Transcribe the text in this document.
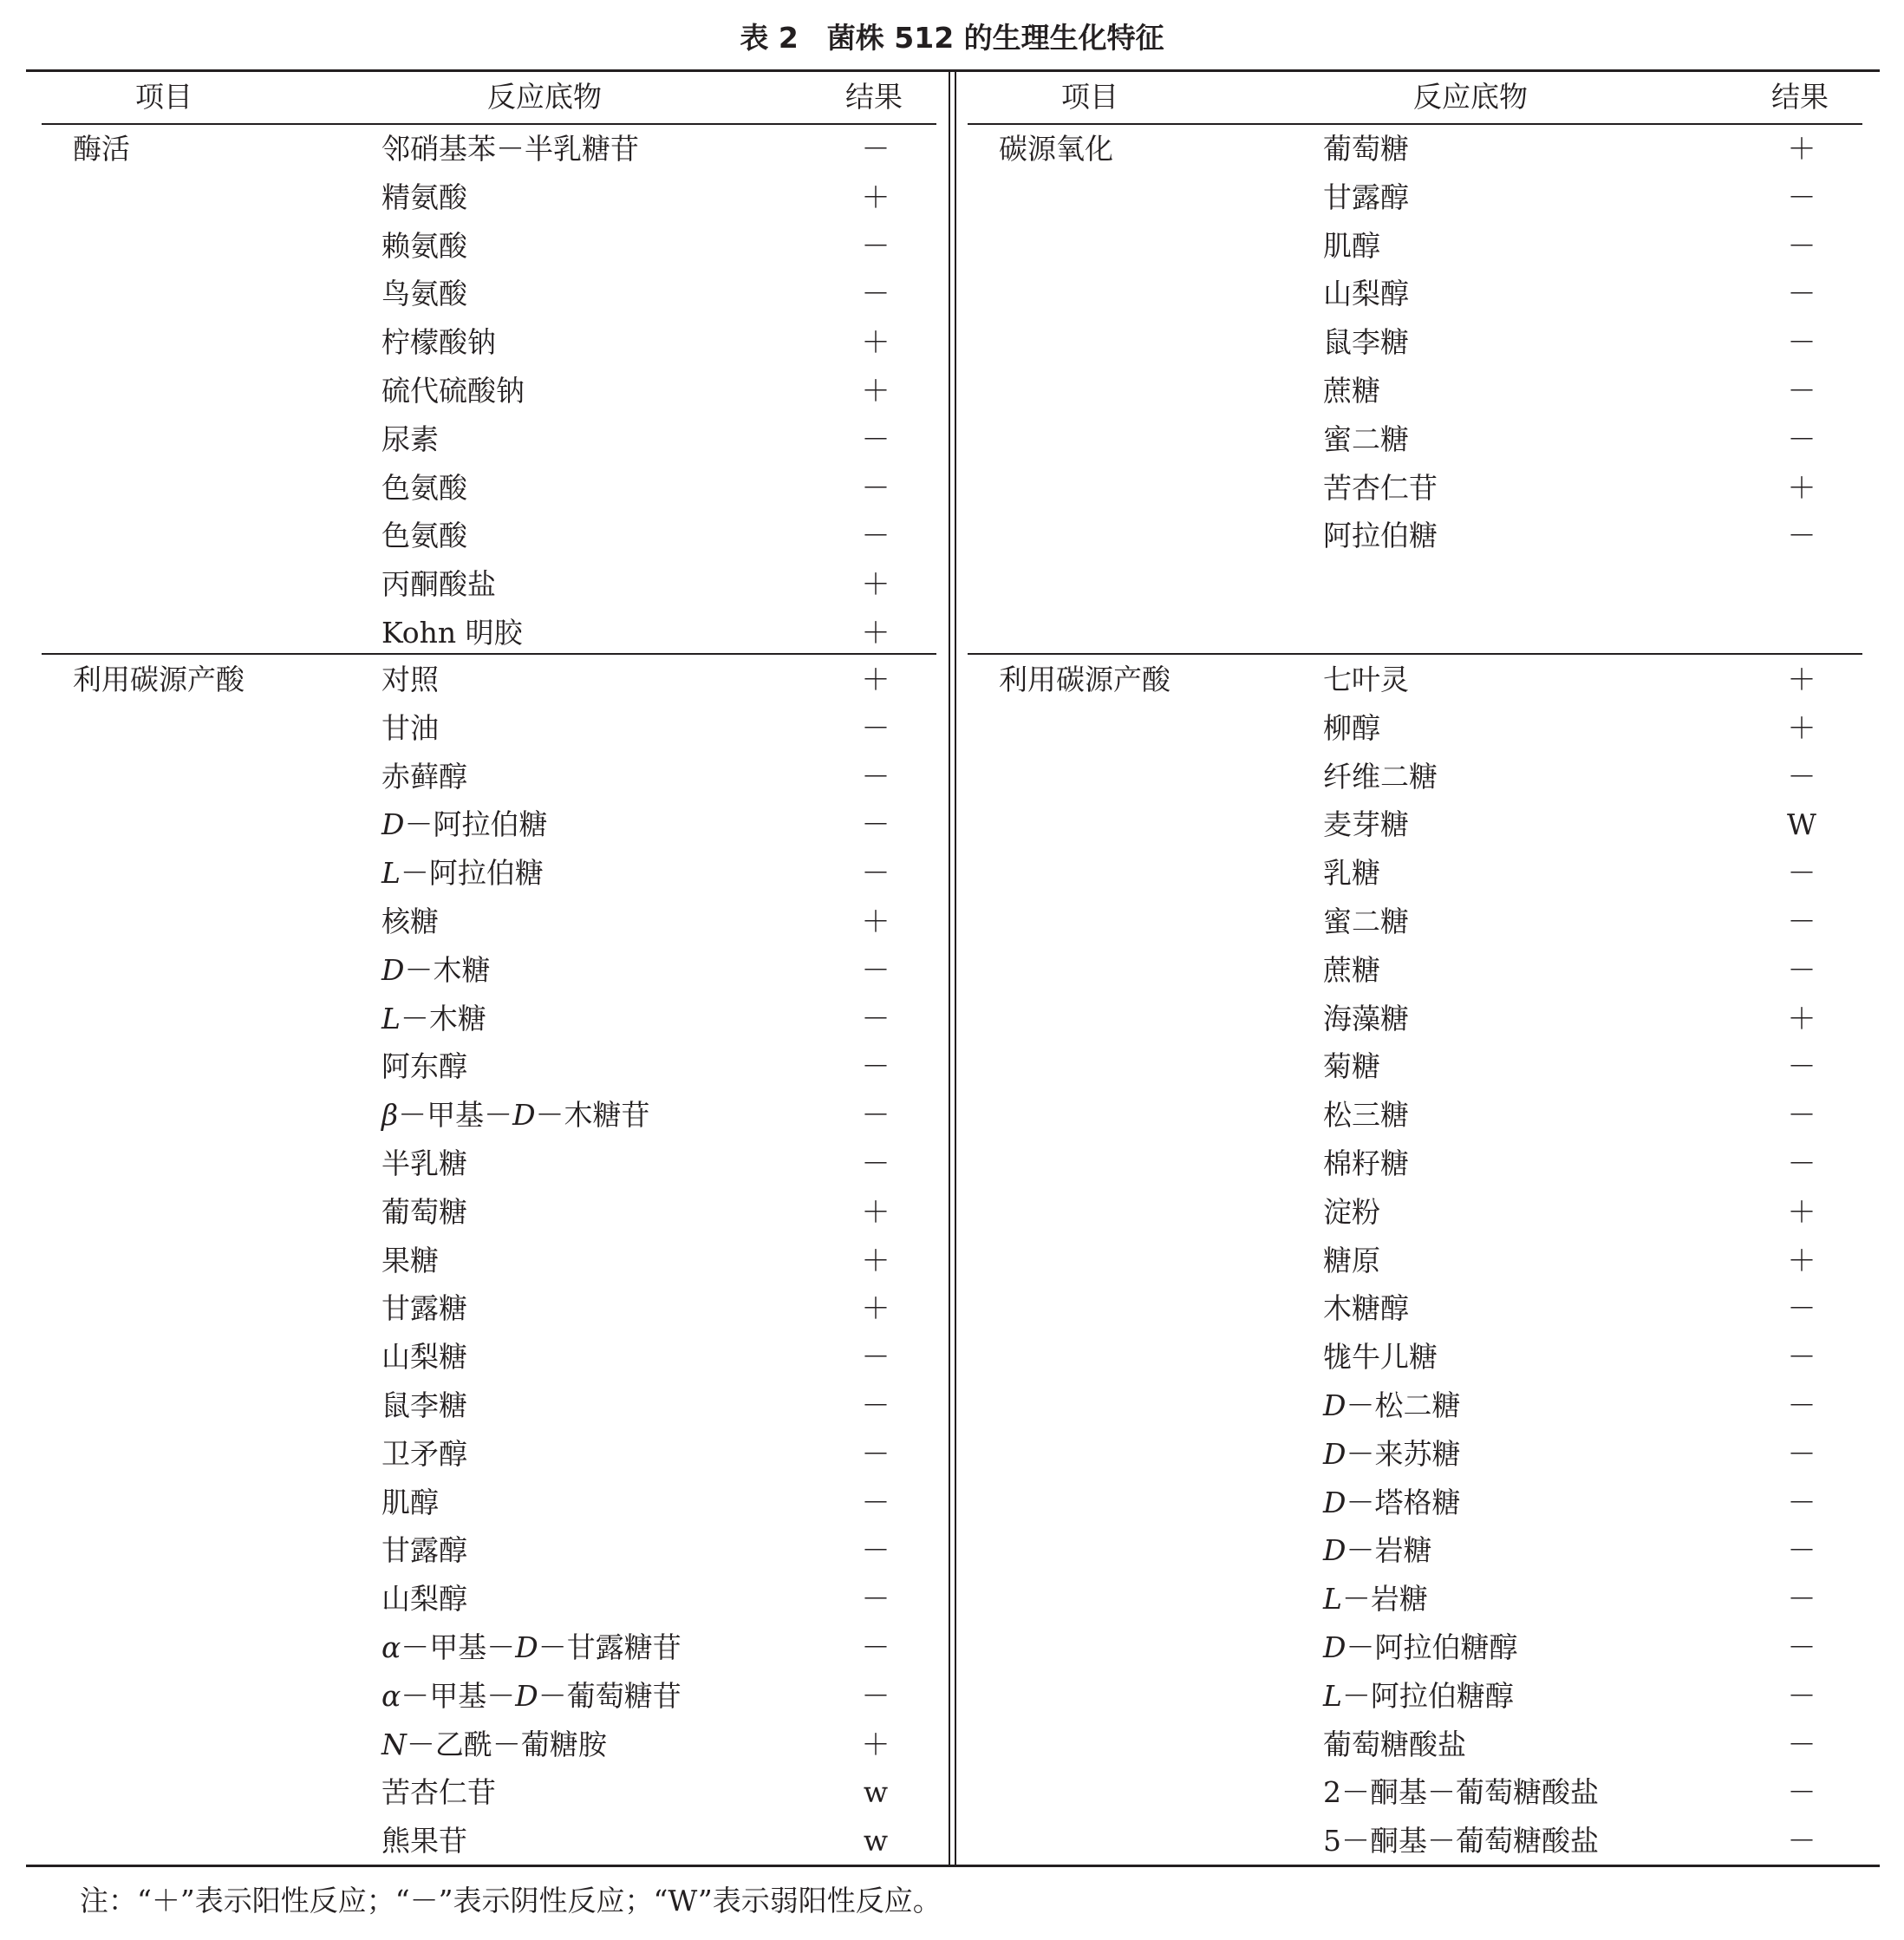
表 2　菌株 512 的生理生化特征
项目	反应底物	结果	项目	反应底物	结果
酶活	邻硝基苯－半乳糖苷	－
精氨酸	＋
赖氨酸	－
鸟氨酸	－
柠檬酸钠	＋
硫代硫酸钠	＋
尿素	－
色氨酸	－
色氨酸	－
丙酮酸盐	＋
Kohn 明胶	＋
利用碳源产酸	对照	＋
甘油	－
赤藓醇	－
D－阿拉伯糖	－
L－阿拉伯糖	－
核糖	＋
D－木糖	－
L－木糖	－
阿东醇	－
β－甲基－D－木糖苷	－
半乳糖	－
葡萄糖	＋
果糖	＋
甘露糖	＋
山梨糖	－
鼠李糖	－
卫矛醇	－
肌醇	－
甘露醇	－
山梨醇	－
α－甲基－D－甘露糖苷	－
α－甲基－D－葡萄糖苷	－
N－乙酰－葡糖胺	＋
苦杏仁苷	w
熊果苷	w
碳源氧化	葡萄糖	＋
甘露醇	－
肌醇	－
山梨醇	－
鼠李糖	－
蔗糖	－
蜜二糖	－
苦杏仁苷	＋
阿拉伯糖	－
利用碳源产酸	七叶灵	＋
柳醇	＋
纤维二糖	－
麦芽糖	W
乳糖	－
蜜二糖	－
蔗糖	－
海藻糖	＋
菊糖	－
松三糖	－
棉籽糖	－
淀粉	＋
糖原	＋
木糖醇	－
牻牛儿糖	－
D－松二糖	－
D－来苏糖	－
D－塔格糖	－
D－岩糖	－
L－岩糖	－
D－阿拉伯糖醇	－
L－阿拉伯糖醇	－
葡萄糖酸盐	－
2－酮基－葡萄糖酸盐	－
5－酮基－葡萄糖酸盐	－
注：“＋”表示阳性反应；“－”表示阴性反应；“W”表示弱阳性反应。
